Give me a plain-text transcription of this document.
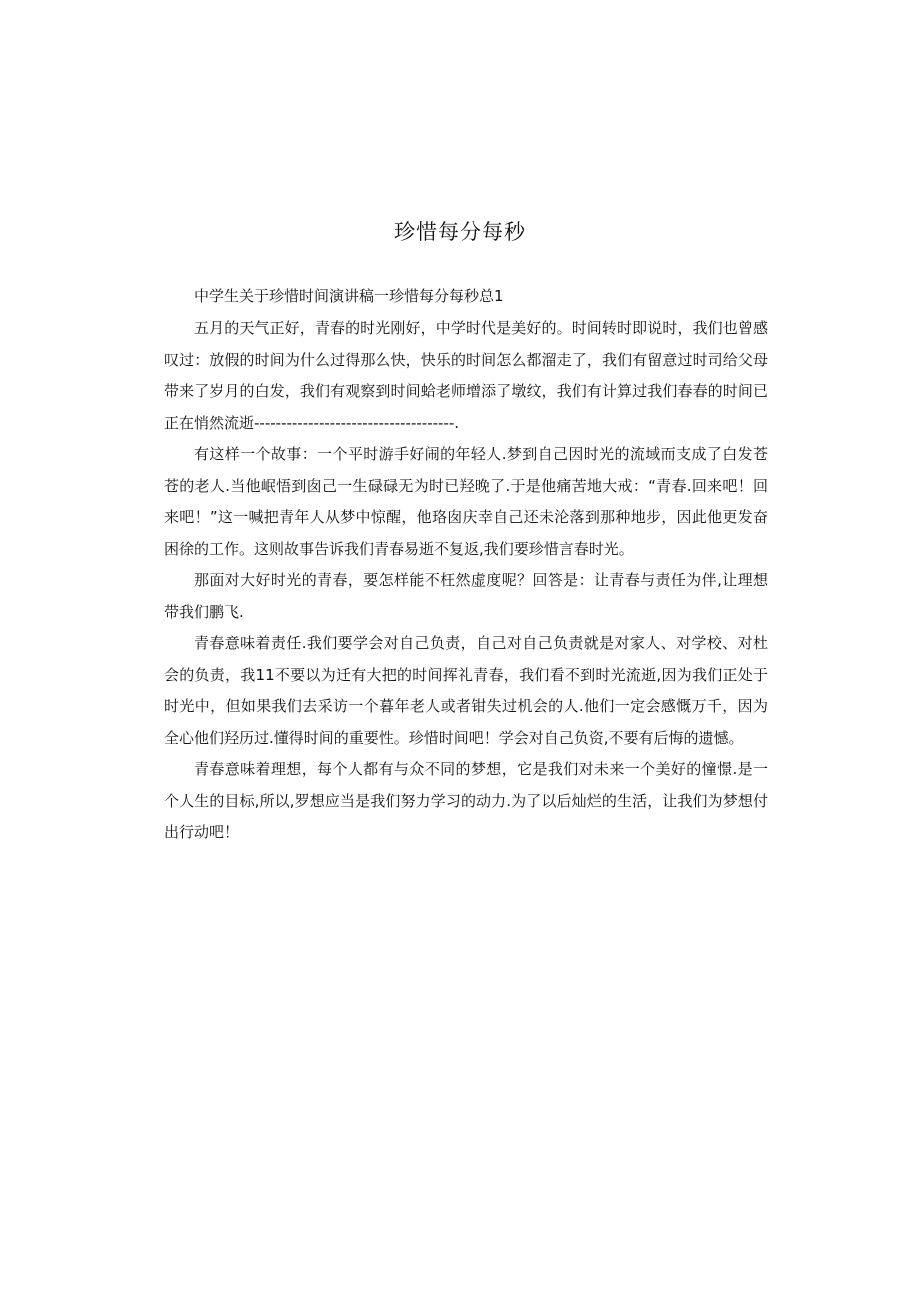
珍惜每分每秒

中学生关于珍惜时间演讲稿一珍惜每分每秒总1

五月的天气正好，青春的时光刚好，中学时代是美好的。时间转时即说时，我们也曾感叹过：放假的时间为什么过得那么快，快乐的时间怎么都溜走了，我们有留意过时司给父母带来了岁月的白发，我们有观察到时间蛤老师增添了墩纹，我们有计算过我们春春的时间已正在悄然流逝-------------------------------------.

有这样一个故事：一个平时游手好闹的年轻人.梦到自己因时光的流域而支成了白发苍苍的老人.当他岷悟到囱己一生碌碌无为时已羟晚了.于是他痛苦地大戒：“青春.回来吧！回来吧！”这一喊把青年人从梦中惊醒，他珞囱庆幸自己还未沦落到那种地步，因此他更发奋困徐的工作。这则故事告诉我们青春易逝不复返,我们要珍惜言春时光。

那面对大好时光的青春，要怎样能不枉然虚度呢？回答是：让青春与责任为伴,让理想带我们鹏飞.

青春意味着责任.我们要学会对自己负责，自己对自己负责就是对家人、对学校、对杜会的负责，我11不要以为迁有大把的时间挥礼青春，我们看不到时光流逝,因为我们正处于时光中，但如果我们去采访一个暮年老人或者钳失过机会的人.他们一定会感慨万千，因为全心他们羟历过.懂得时间的重要性。珍惜时间吧！学会对自己负资,不要有后悔的遗憾。

青春意味着理想，每个人都有与众不同的梦想，它是我们对未来一个美好的憧憬.是一个人生的目标,所以,罗想应当是我们努力学习的动力.为了以后灿烂的生活，让我们为梦想付出行动吧！
